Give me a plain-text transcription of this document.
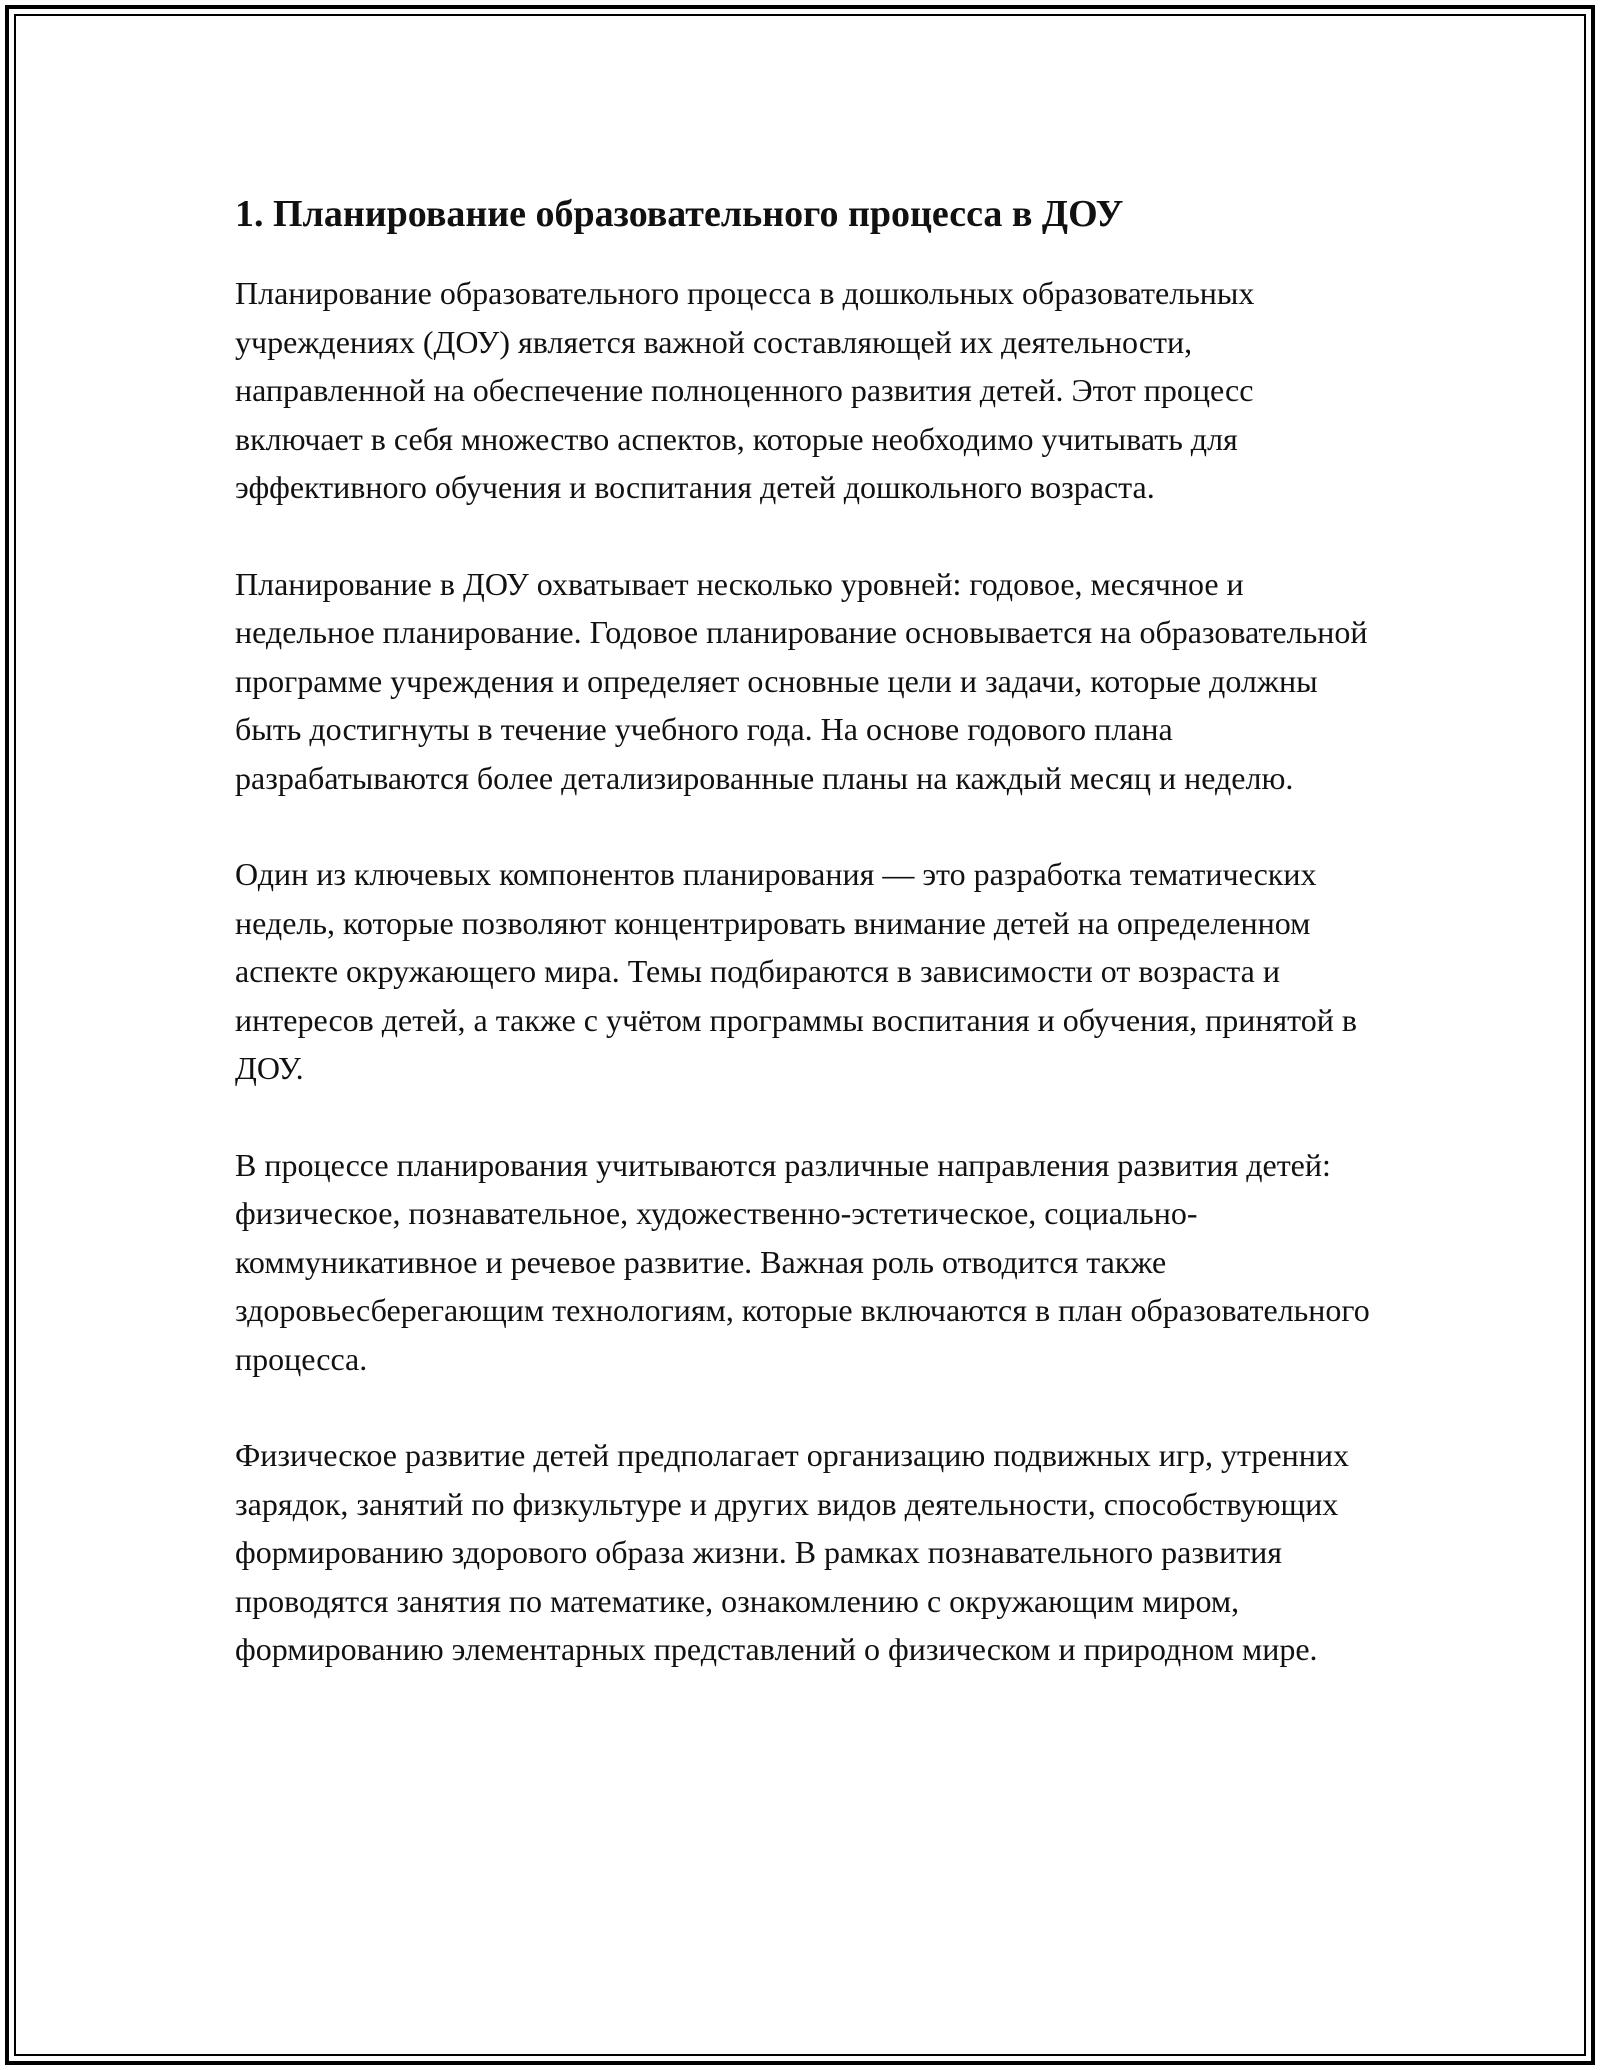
1. Планирование образовательного процесса в ДОУ

Планирование образовательного процесса в дошкольных образовательных учреждениях (ДОУ) является важной составляющей их деятельности, направленной на обеспечение полноценного развития детей. Этот процесс включает в себя множество аспектов, которые необходимо учитывать для эффективного обучения и воспитания детей дошкольного возраста.

Планирование в ДОУ охватывает несколько уровней: годовое, месячное и недельное планирование. Годовое планирование основывается на образовательной программе учреждения и определяет основные цели и задачи, которые должны быть достигнуты в течение учебного года. На основе годового плана разрабатываются более детализированные планы на каждый месяц и неделю.

Один из ключевых компонентов планирования — это разработка тематических недель, которые позволяют концентрировать внимание детей на определенном аспекте окружающего мира. Темы подбираются в зависимости от возраста и интересов детей, а также с учётом программы воспитания и обучения, принятой в ДОУ.

В процессе планирования учитываются различные направления развития детей: физическое, познавательное, художественно-эстетическое, социально-коммуникативное и речевое развитие. Важная роль отводится также здоровьесберегающим технологиям, которые включаются в план образовательного процесса.

Физическое развитие детей предполагает организацию подвижных игр, утренних зарядок, занятий по физкультуре и других видов деятельности, способствующих формированию здорового образа жизни. В рамках познавательного развития проводятся занятия по математике, ознакомлению с окружающим миром, формированию элементарных представлений о физическом и природном мире.
